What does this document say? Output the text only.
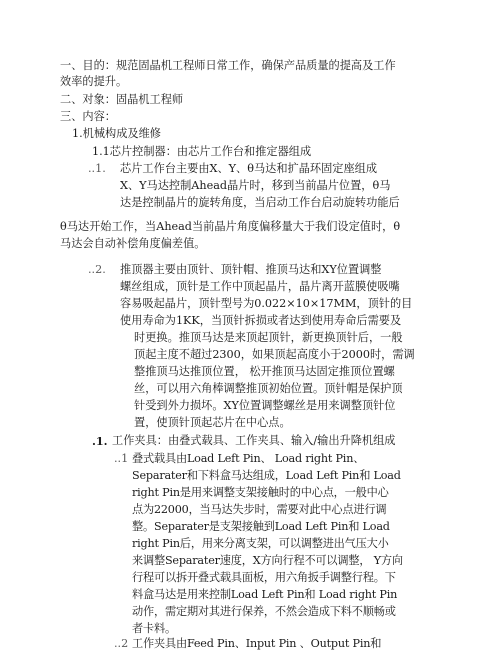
一、目的：规范固晶机工程师日常工作，确保产品质量的提高及工作
效率的提升。
二、对象：固晶机工程师
三、内容：
1.机械构成及维修
1.1芯片控制器：由芯片工作台和推定器组成
..1. 芯片工作台主要由X、Y、θ马达和扩晶环固定座组成
X、Y马达控制Ahead晶片时，移到当前晶片位置，θ马
达是控制晶片的旋转角度，当启动工作台启动旋转功能后
θ马达开始工作，当Ahead当前晶片角度偏移量大于我们设定值时，θ
马达会自动补偿角度偏差值。
..2. 推顶器主要由顶针、顶针帽、推顶马达和XY位置调整
螺丝组成，顶针是工作中顶起晶片，晶片离开蓝膜使吸嘴
容易吸起晶片，顶针型号为0.022×10×17MM，顶针的目
使用寿命为1KK，当顶针拆损或者达到使用寿命后需要及
时更换。推顶马达是来顶起顶针，新更换顶针后，一般
顶起主度不超过2300，如果顶起高度小于2000时，需调
整推顶马达推顶位置， 松开推顶马达固定推顶位置螺
丝，可以用六角棒调整推顶初始位置。顶针帽是保护顶
针受到外力损坏。XY位置调整螺丝是用来调整顶针位
置，使顶针顶起芯片在中心点。
.1. 工作夹具：由叠式载具、工作夹具、输入/输出升降机组成
..1 叠式载具由Load Left Pin、 Load right Pin、
Separater和下料盒马达组成，Load Left Pin和 Load
right Pin是用来调整支架接触时的中心点，一般中心
点为22000，当马达失步时，需要对此中心点进行调
整。Separater是支架接触到Load Left Pin和 Load
right Pin后，用来分离支架，可以调整进出气压大小
来调整Separater速度，X方向行程不可以调整， Y方向
行程可以拆开叠式载具面板，用六角扳手调整行程。下
料盒马达是用来控制Load Left Pin和 Load right Pin
动作，需定期对其进行保养，不然会造成下料不顺畅或
者卡料。
..2 工作夹具由Feed Pin、Input Pin 、Output Pin和
